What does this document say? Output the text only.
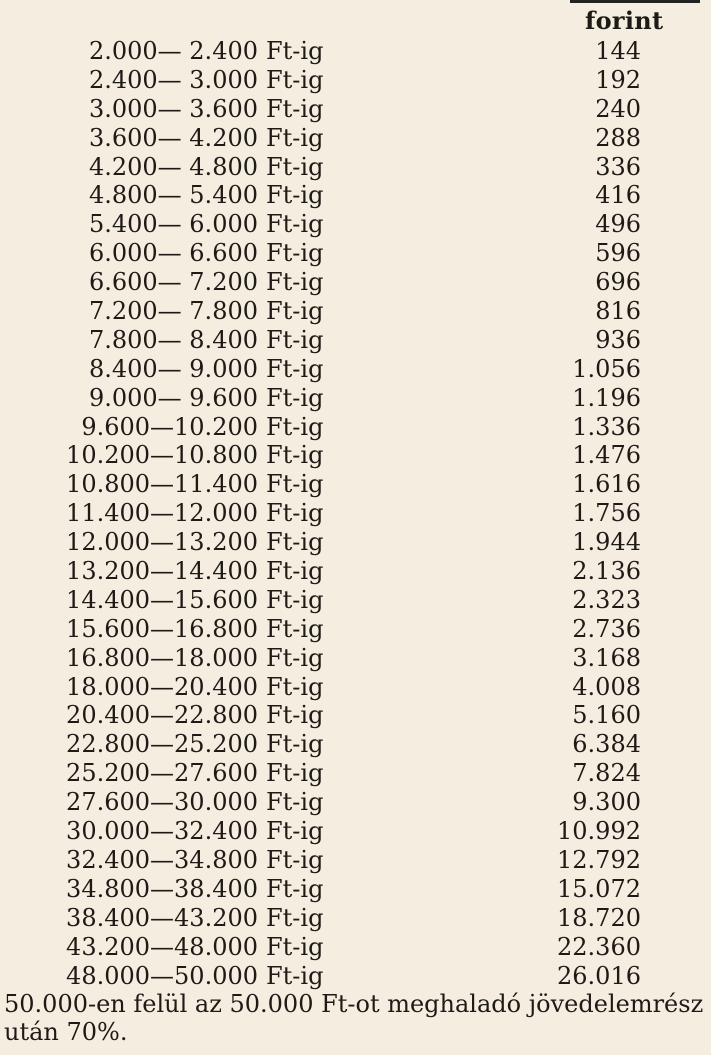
forint
2.000— 2.400 Ft-ig	144
2.400— 3.000 Ft-ig	192
3.000— 3.600 Ft-ig	240
3.600— 4.200 Ft-ig	288
4.200— 4.800 Ft-ig	336
4.800— 5.400 Ft-ig	416
5.400— 6.000 Ft-ig	496
6.000— 6.600 Ft-ig	596
6.600— 7.200 Ft-ig	696
7.200— 7.800 Ft-ig	816
7.800— 8.400 Ft-ig	936
8.400— 9.000 Ft-ig	1.056
9.000— 9.600 Ft-ig	1.196
9.600—10.200 Ft-ig	1.336
10.200—10.800 Ft-ig	1.476
10.800—11.400 Ft-ig	1.616
11.400—12.000 Ft-ig	1.756
12.000—13.200 Ft-ig	1.944
13.200—14.400 Ft-ig	2.136
14.400—15.600 Ft-ig	2.323
15.600—16.800 Ft-ig	2.736
16.800—18.000 Ft-ig	3.168
18.000—20.400 Ft-ig	4.008
20.400—22.800 Ft-ig	5.160
22.800—25.200 Ft-ig	6.384
25.200—27.600 Ft-ig	7.824
27.600—30.000 Ft-ig	9.300
30.000—32.400 Ft-ig	10.992
32.400—34.800 Ft-ig	12.792
34.800—38.400 Ft-ig	15.072
38.400—43.200 Ft-ig	18.720
43.200—48.000 Ft-ig	22.360
48.000—50.000 Ft-ig	26.016
50.000-en felül az 50.000 Ft-ot meghaladó jövedelemrész után 70%.
